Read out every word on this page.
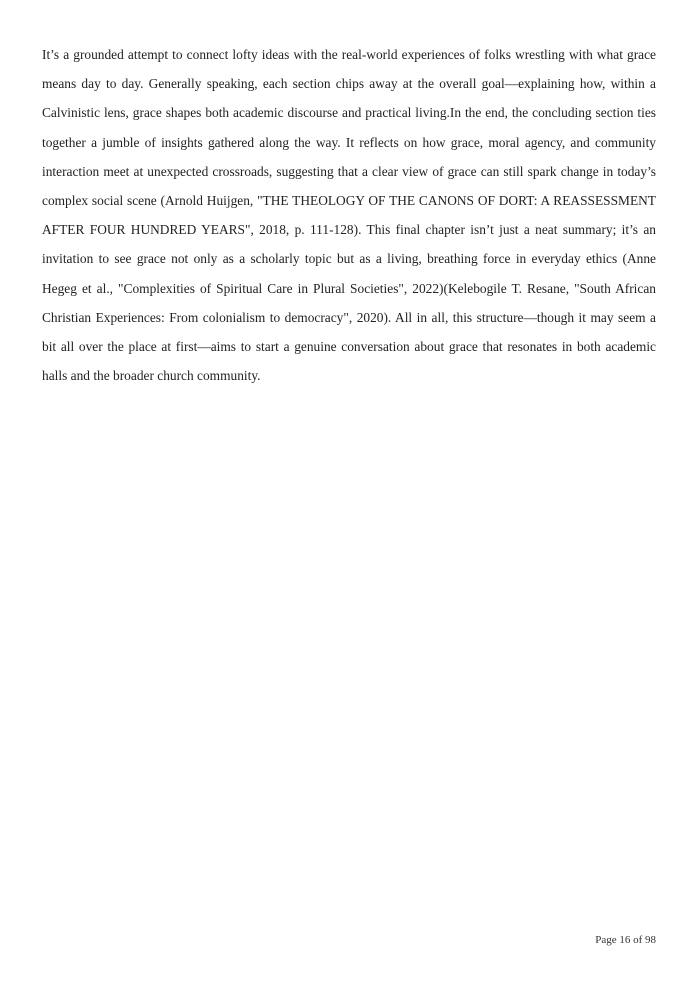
It’s a grounded attempt to connect lofty ideas with the real-world experiences of folks wrestling with what grace means day to day. Generally speaking, each section chips away at the overall goal—explaining how, within a Calvinistic lens, grace shapes both academic discourse and practical living.In the end, the concluding section ties together a jumble of insights gathered along the way. It reflects on how grace, moral agency, and community interaction meet at unexpected crossroads, suggesting that a clear view of grace can still spark change in today’s complex social scene (Arnold Huijgen, "THE THEOLOGY OF THE CANONS OF DORT: A REASSESSMENT AFTER FOUR HUNDRED YEARS", 2018, p. 111-128). This final chapter isn’t just a neat summary; it’s an invitation to see grace not only as a scholarly topic but as a living, breathing force in everyday ethics (Anne Hegeg et al., "Complexities of Spiritual Care in Plural Societies", 2022)(Kelebogile T. Resane, "South African Christian Experiences: From colonialism to democracy", 2020). All in all, this structure—though it may seem a bit all over the place at first—aims to start a genuine conversation about grace that resonates in both academic halls and the broader church community.

Page 16 of 98
